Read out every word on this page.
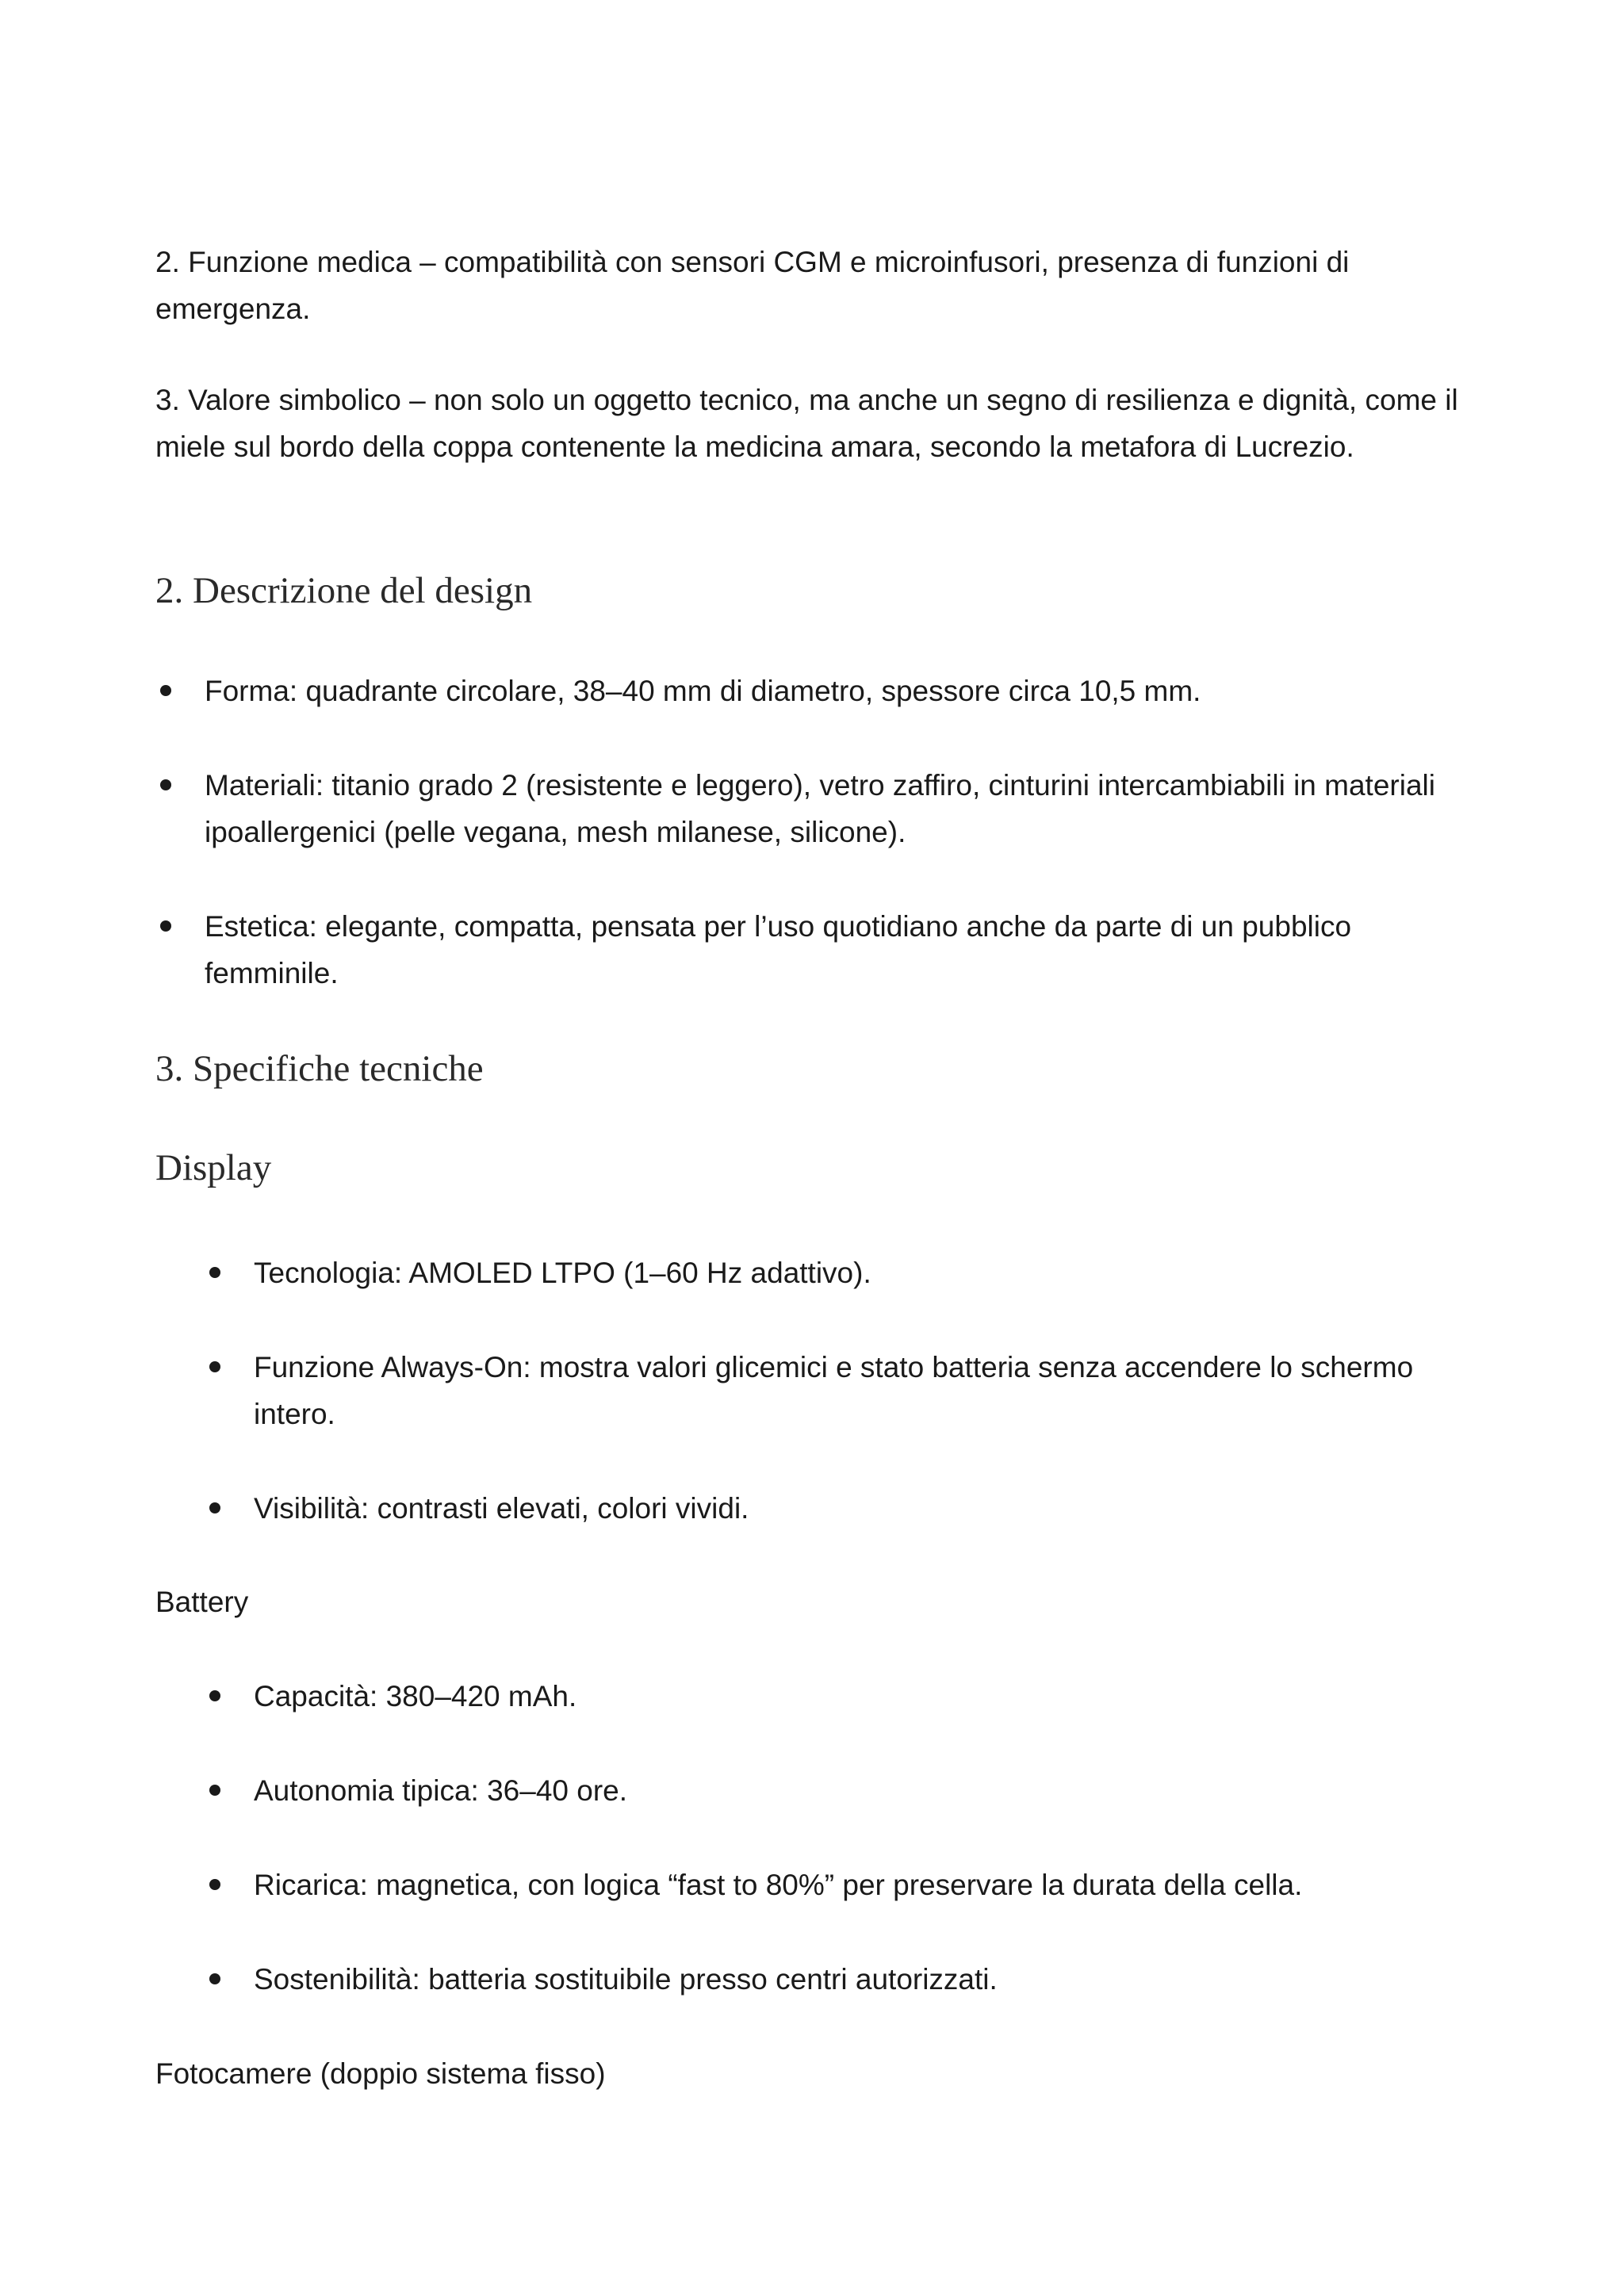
2. Funzione medica – compatibilità con sensori CGM e microinfusori, presenza di funzioni di emergenza.

3. Valore simbolico – non solo un oggetto tecnico, ma anche un segno di resilienza e dignità, come il miele sul bordo della coppa contenente la medicina amara, secondo la metafora di Lucrezio.

2. Descrizione del design
Forma: quadrante circolare, 38–40 mm di diametro, spessore circa 10,5 mm.
Materiali: titanio grado 2 (resistente e leggero), vetro zaffiro, cinturini intercambiabili in materiali ipoallergenici (pelle vegana, mesh milanese, silicone).
Estetica: elegante, compatta, pensata per l’uso quotidiano anche da parte di un pubblico femminile.
3. Specifiche tecniche
Display
Tecnologia: AMOLED LTPO (1–60 Hz adattivo).
Funzione Always-On: mostra valori glicemici e stato batteria senza accendere lo schermo intero.
Visibilità: contrasti elevati, colori vividi.

Battery

Capacità: 380–420 mAh.
Autonomia tipica: 36–40 ore.
Ricarica: magnetica, con logica “fast to 80%” per preservare la durata della cella.
Sostenibilità: batteria sostituibile presso centri autorizzati.

Fotocamere (doppio sistema fisso)
